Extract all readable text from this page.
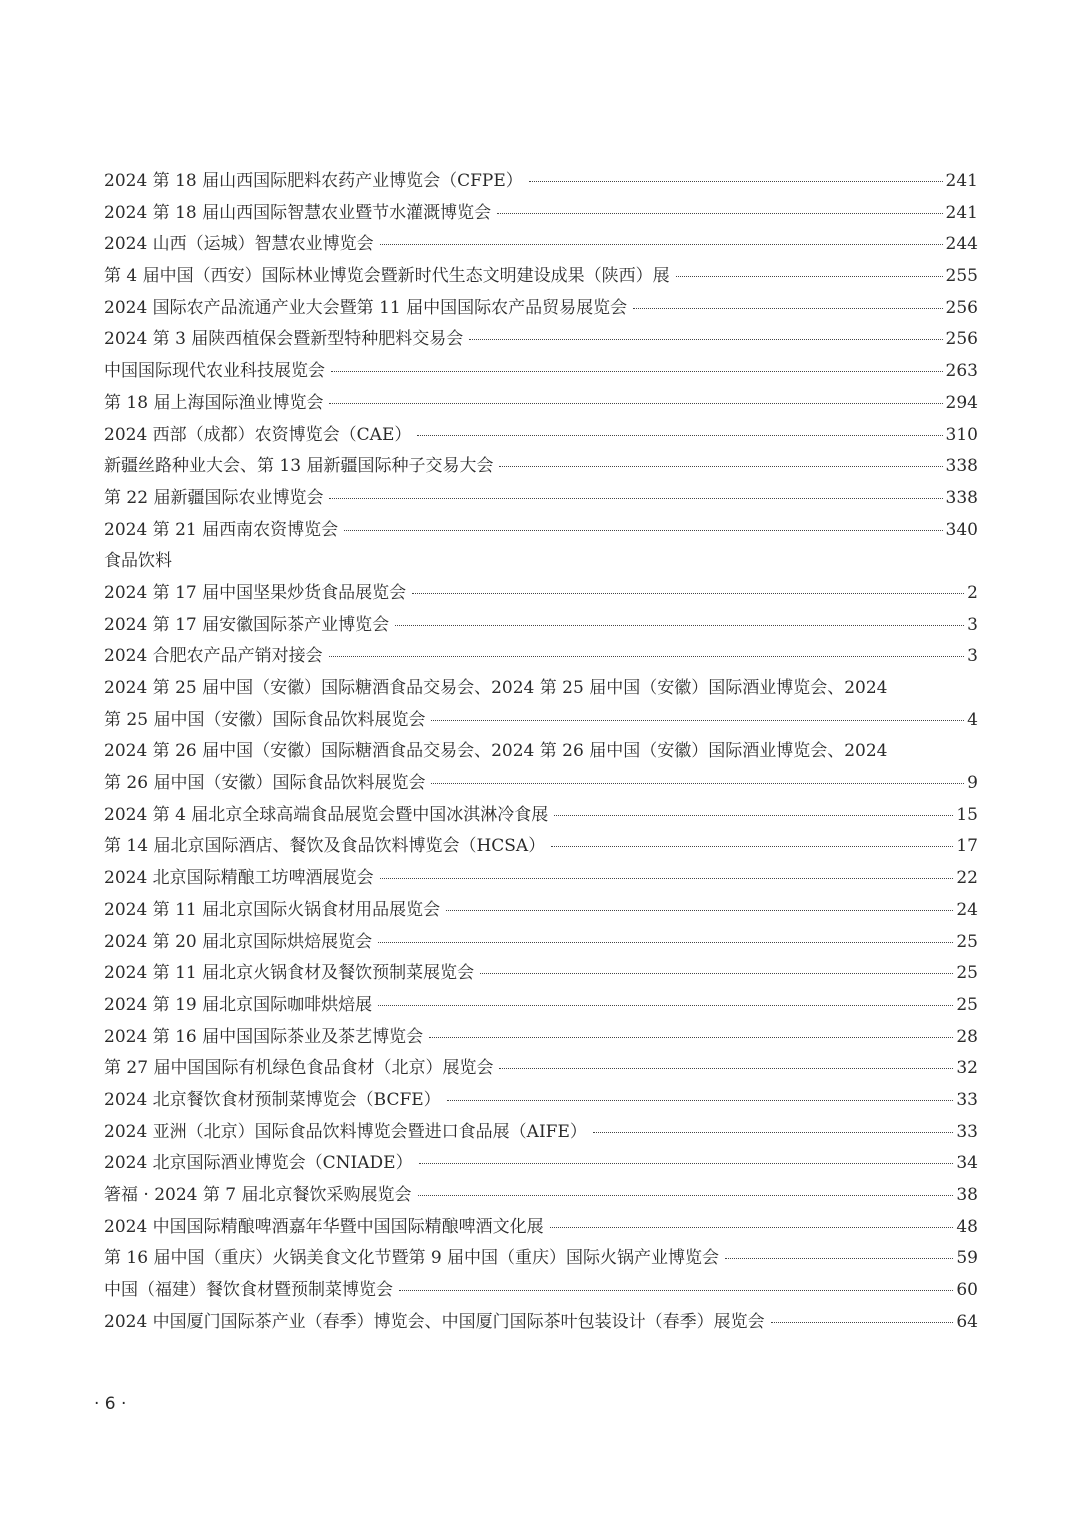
2024 第 18 届山西国际肥料农药产业博览会（CFPE）	241
2024 第 18 届山西国际智慧农业暨节水灌溉博览会	241
2024 山西（运城）智慧农业博览会	244
第 4 届中国（西安）国际林业博览会暨新时代生态文明建设成果（陕西）展	255
2024 国际农产品流通产业大会暨第 11 届中国国际农产品贸易展览会	256
2024 第 3 届陕西植保会暨新型特种肥料交易会	256
中国国际现代农业科技展览会	263
第 18 届上海国际渔业博览会	294
2024 西部（成都）农资博览会（CAE）	310
新疆丝路种业大会、第 13 届新疆国际种子交易大会	338
第 22 届新疆国际农业博览会	338
2024 第 21 届西南农资博览会	340
食品饮料
2024 第 17 届中国坚果炒货食品展览会	2
2024 第 17 届安徽国际茶产业博览会	3
2024 合肥农产品产销对接会	3
2024 第 25 届中国（安徽）国际糖酒食品交易会、2024 第 25 届中国（安徽）国际酒业博览会、2024
第 25 届中国（安徽）国际食品饮料展览会	4
2024 第 26 届中国（安徽）国际糖酒食品交易会、2024 第 26 届中国（安徽）国际酒业博览会、2024
第 26 届中国（安徽）国际食品饮料展览会	9
2024 第 4 届北京全球高端食品展览会暨中国冰淇淋冷食展	15
第 14 届北京国际酒店、餐饮及食品饮料博览会（HCSA）	17
2024 北京国际精酿工坊啤酒展览会	22
2024 第 11 届北京国际火锅食材用品展览会	24
2024 第 20 届北京国际烘焙展览会	25
2024 第 11 届北京火锅食材及餐饮预制菜展览会	25
2024 第 19 届北京国际咖啡烘焙展	25
2024 第 16 届中国国际茶业及茶艺博览会	28
第 27 届中国国际有机绿色食品食材（北京）展览会	32
2024 北京餐饮食材预制菜博览会（BCFE）	33
2024 亚洲（北京）国际食品饮料博览会暨进口食品展（AIFE）	33
2024 北京国际酒业博览会（CNIADE）	34
箸福 · 2024 第 7 届北京餐饮采购展览会	38
2024 中国国际精酿啤酒嘉年华暨中国国际精酿啤酒文化展	48
第 16 届中国（重庆）火锅美食文化节暨第 9 届中国（重庆）国际火锅产业博览会	59
中国（福建）餐饮食材暨预制菜博览会	60
2024 中国厦门国际茶产业（春季）博览会、中国厦门国际茶叶包装设计（春季）展览会	64
· 6 ·
